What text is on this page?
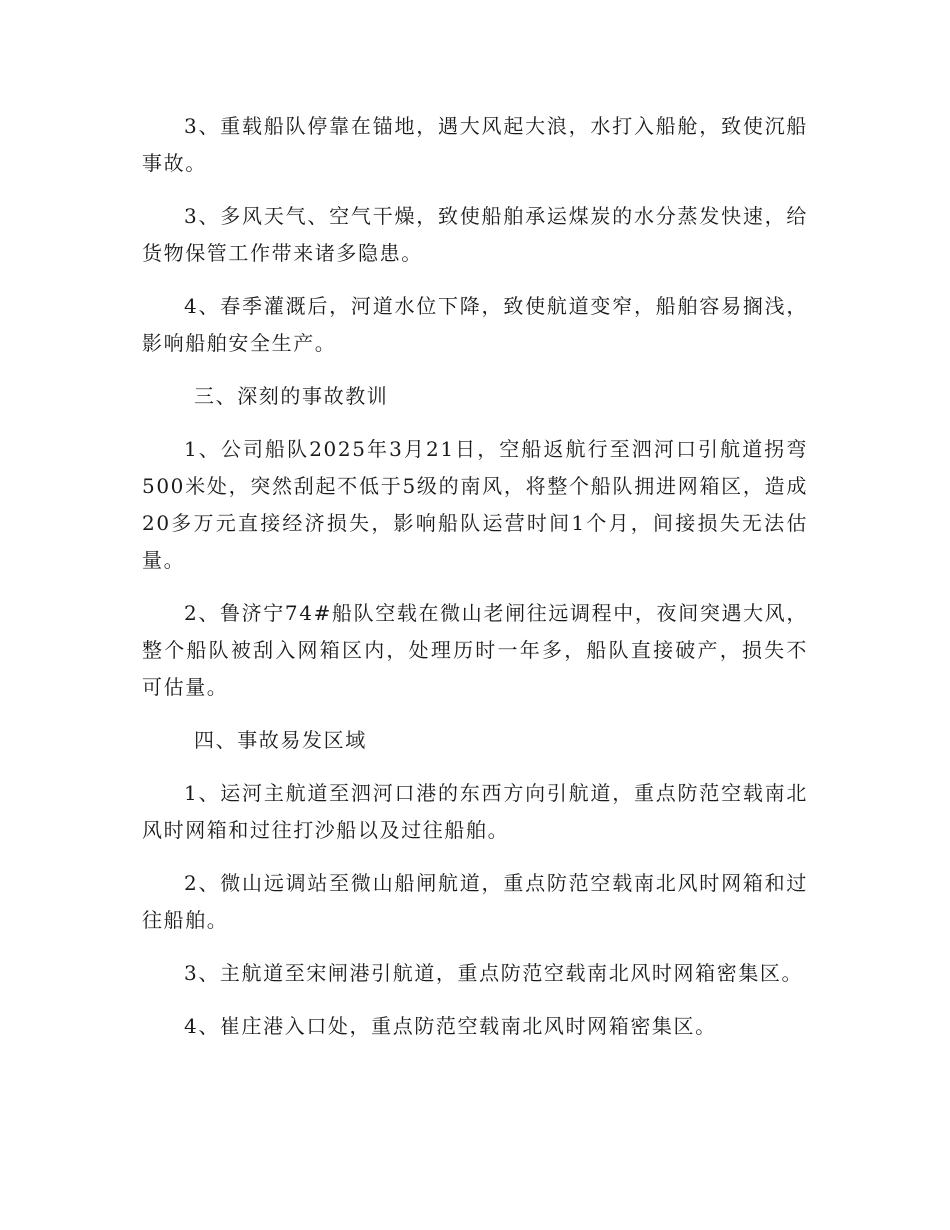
3、重载船队停靠在锚地，遇大风起大浪，水打入船舱，致使沉船事故。

3、多风天气、空气干燥，致使船舶承运煤炭的水分蒸发快速，给货物保管工作带来诸多隐患。

4、春季灌溉后，河道水位下降，致使航道变窄，船舶容易搁浅，影响船舶安全生产。

三、深刻的事故教训

1、公司船队2025年3月21日，空船返航行至泗河口引航道拐弯500米处，突然刮起不低于5级的南风，将整个船队拥进网箱区，造成20多万元直接经济损失，影响船队运营时间1个月，间接损失无法估量。

2、鲁济宁74#船队空载在微山老闸往远调程中，夜间突遇大风，整个船队被刮入网箱区内，处理历时一年多，船队直接破产，损失不可估量。

四、事故易发区域

1、运河主航道至泗河口港的东西方向引航道，重点防范空载南北风时网箱和过往打沙船以及过往船舶。

2、微山远调站至微山船闸航道，重点防范空载南北风时网箱和过往船舶。

3、主航道至宋闸港引航道，重点防范空载南北风时网箱密集区。

4、崔庄港入口处，重点防范空载南北风时网箱密集区。
